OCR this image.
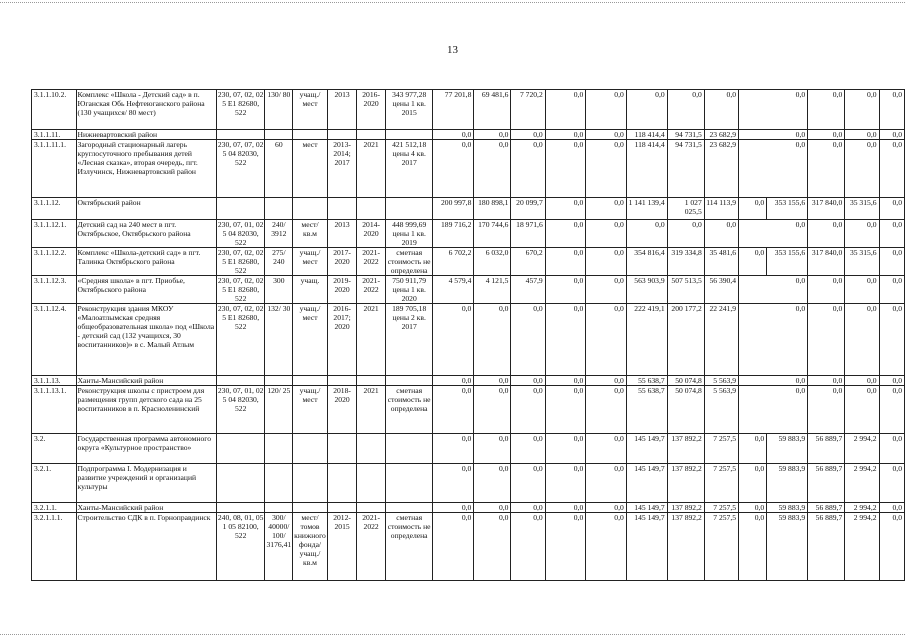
13
3.1.1.10.2.	Комплекс «Школа - Детский сад» в п. Юганская Обь Нефтеюганского района (130 учащихся/ 80 мест)	230, 07, 02, 02 5 E1 82680, 522	130/ 80	учащ./ мест	2013	2016-2020	343 977,28 цены 1 кв. 2015	77 201,8	69 481,6	7 720,2	0,0	0,0	0,0	0,0	0,0	0,0		0,0	0,0	0,0
3.1.1.11.	Нижневартовский район							0,0	0,0	0,0	0,0	0,0	118 414,4	94 731,5	23 682,9	0,0		0,0	0,0	0,0
3.1.1.11.1.	Загородный стационарный лагерь круглосуточного пребывания детей «Лесная сказка», вторая очередь, пгт. Излучинск, Нижневартовский район	230, 07, 07, 02 5 04 82030, 522	60	мест	2013-2014; 2017	2021	421 512,18 цены 4 кв. 2017	0,0	0,0	0,0	0,0	0,0	118 414,4	94 731,5	23 682,9	0,0		0,0	0,0	0,0
3.1.1.12.	Октябрьский район							200 997,8	180 898,1	20 099,7	0,0	0,0	1 141 139,4	1 027 025,5	114 113,9	0,0	353 155,6	317 840,0	35 315,6	0,0
3.1.1.12.1.	Детский сад на 240 мест в пгт. Октябрьское, Октябрьского района	230, 07, 01, 02 5 04 82030, 522	240/ 3912	мест/ кв.м	2013	2014-2020	448 999,69 цены 1 кв. 2019	189 716,2	170 744,6	18 971,6	0,0	0,0	0,0	0,0	0,0	0,0		0,0	0,0	0,0
3.1.1.12.2.	Комплекс «Школа-детский сад» в пгт. Талинка Октябрьского района	230, 07, 02, 02 5 E1 82680, 522	275/ 240	учащ./ мест	2017-2020	2021-2022	сметная стоимость не определена	6 702,2	6 032,0	670,2	0,0	0,0	354 816,4	319 334,8	35 481,6	0,0	353 155,6	317 840,0	35 315,6	0,0
3.1.1.12.3.	«Средняя школа» в пгт. Приобье, Октябрьского района	230, 07, 02, 02 5 E1 82680, 522	300	учащ.	2019-2020	2021-2022	750 911,79 цены 1 кв. 2020	4 579,4	4 121,5	457,9	0,0	0,0	563 903,9	507 513,5	56 390,4	0,0		0,0	0,0	0,0
3.1.1.12.4.	Реконструкция здания МКОУ «Малоатлымская средняя общеобразовательная школа» под «Школа - детский сад (132 учащихся, 30 воспитанников)» в с. Малый Атлым	230, 07, 02, 02 5 E1 82680, 522	132/ 30	учащ./ мест	2016-2017; 2020	2021	189 705,18 цены 2 кв. 2017	0,0	0,0	0,0	0,0	0,0	222 419,1	200 177,2	22 241,9	0,0		0,0	0,0	0,0
3.1.1.13.	Ханты-Мансийский район							0,0	0,0	0,0	0,0	0,0	55 638,7	50 074,8	5 563,9	0,0		0,0	0,0	0,0
3.1.1.13.1.	Реконструкция школы с пристроем для размещения групп детского сада на 25 воспитанников в п. Красноленинский	230, 07, 01, 02 5 04 82030, 522	120/ 25	учащ./ мест	2018-2020	2021	сметная стоимость не определена	0,0	0,0	0,0	0,0	0,0	55 638,7	50 074,8	5 563,9	0,0		0,0	0,0	0,0
3.2.	Государственная программа автономного округа «Культурное пространство»							0,0	0,0	0,0	0,0	0,0	145 149,7	137 892,2	7 257,5	0,0	59 883,9	56 889,7	2 994,2	0,0
3.2.1.	Подпрограмма I. Модернизация и развитие учреждений и организаций культуры							0,0	0,0	0,0	0,0	0,0	145 149,7	137 892,2	7 257,5	0,0	59 883,9	56 889,7	2 994,2	0,0
3.2.1.1.	Ханты-Мансийский район							0,0	0,0	0,0	0,0	0,0	145 149,7	137 892,2	7 257,5	0,0	59 883,9	56 889,7	2 994,2	0,0
3.2.1.1.1.	Строительство СДК в п. Горноправдинск	240, 08, 01, 05 1 05 82100, 522	300/ 40000/ 100/ 3176,41	мест/ томов книжного фонда/ учащ./ кв.м	2012-2015	2021-2022	сметная стоимость не определена	0,0	0,0	0,0	0,0	0,0	145 149,7	137 892,2	7 257,5	0,0	59 883,9	56 889,7	2 994,2	0,0
